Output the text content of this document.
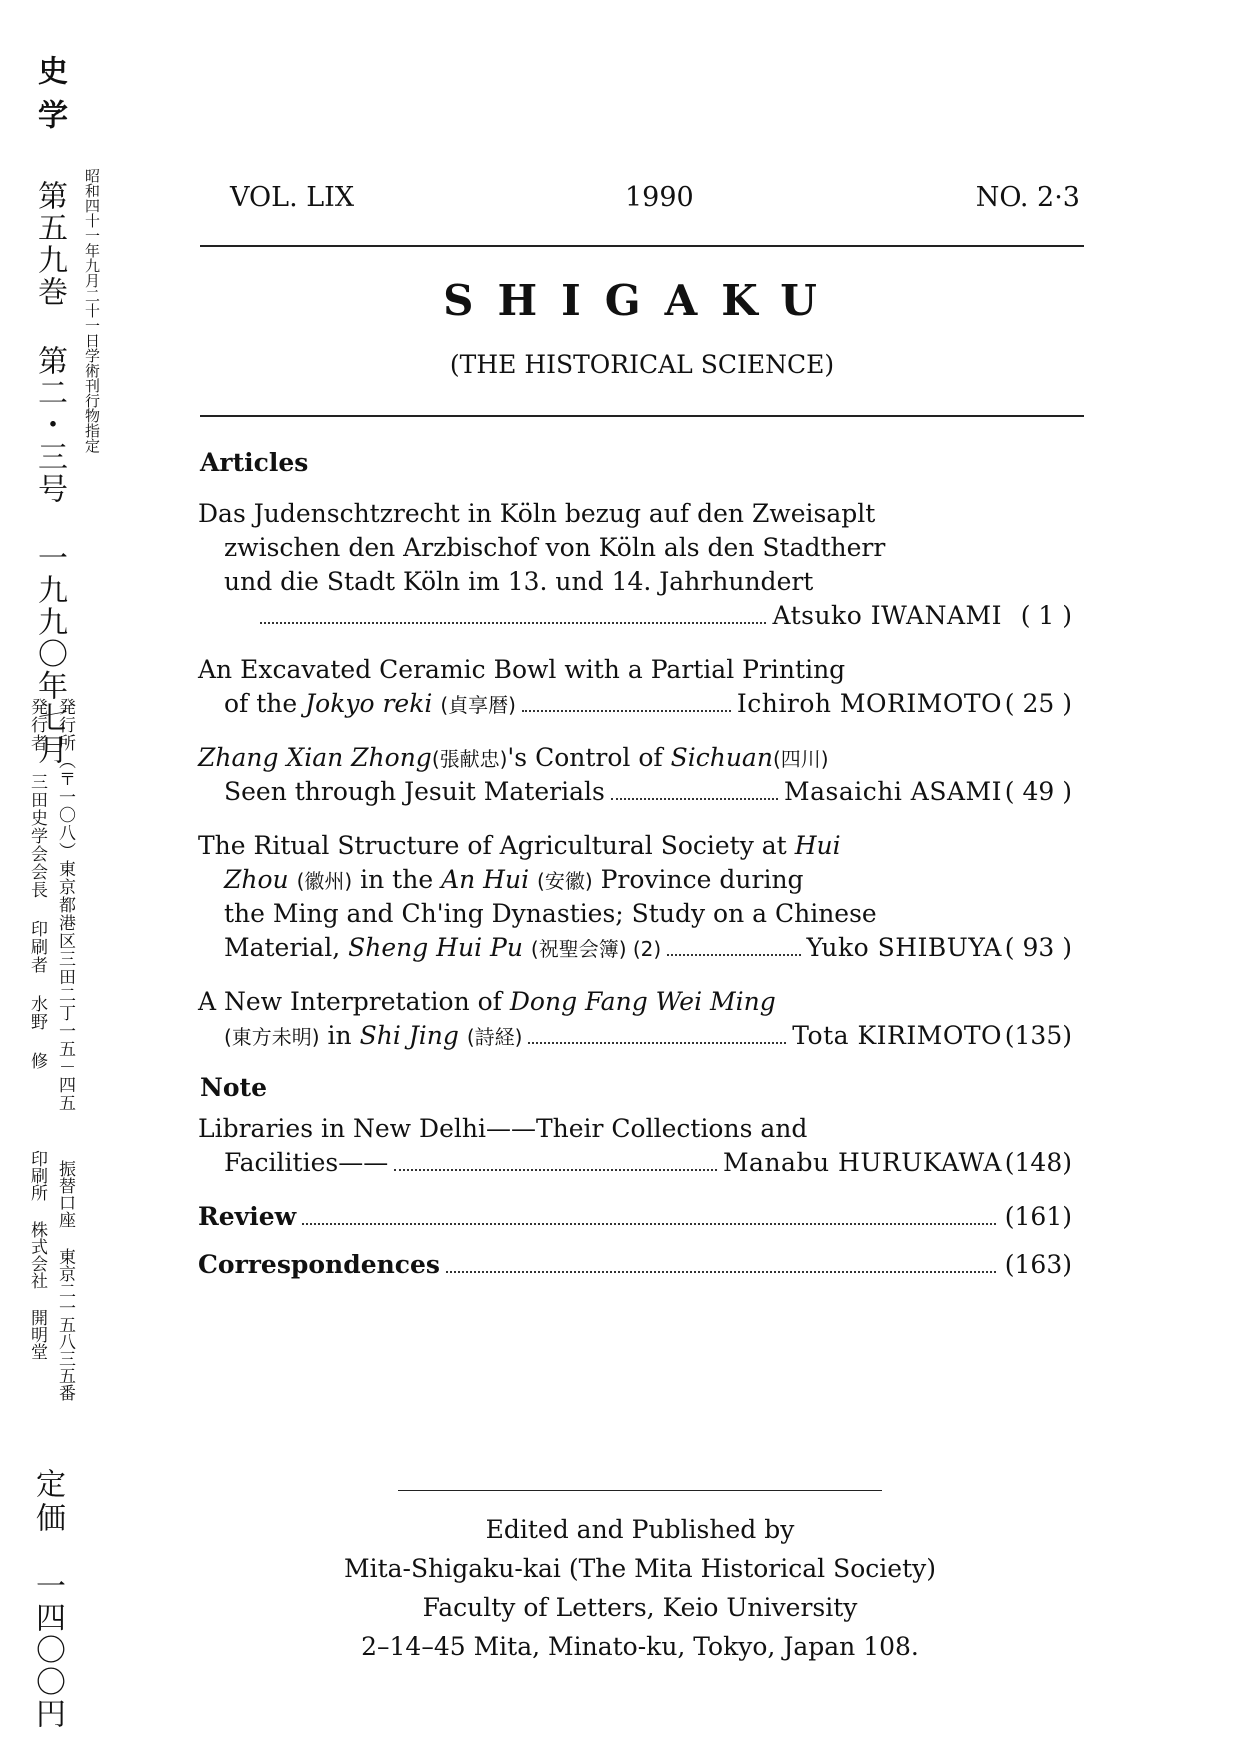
史学
第五九巻 第二・三号 一九九〇年七月 昭和四十一年九月二十一日学術刊行物指定
発行所（〒一〇八）東京都港区三田二丁一五－四五
発行者 三田史学会会長 印刷者 水野 修
振替口座 東京二一五八三五番
印刷所 株式会社 開明堂
定価
一四〇〇円
VOL. LIX	1990	NO. 2·3
SHIGAKU
(THE HISTORICAL SCIENCE)
Articles
Das Judenschtzrecht in Köln bezug auf den Zweisaplt
zwischen den Arzbischof von Köln als den Stadtherr
und die Stadt Köln im 13. und 14. Jahrhundert
Atsuko IWANAMI ( 1 )
An Excavated Ceramic Bowl with a Partial Printing
of the Jokyo reki
(貞享暦)	Ichiroh MORIMOTO ( 25 )
Zhang Xian Zhong(張献忠)'s Control of Sichuan(四川)
Seen through Jesuit Materials	Masaichi ASAMI ( 49 )
The Ritual Structure of Agricultural Society at Hui
Zhou (徽州) in the An Hui (安徽) Province during
the Ming and Ch'ing Dynasties; Study on a Chinese
Material, Sheng Hui Pu
(祝聖会簿) (2)	Yuko SHIBUYA ( 93 )
A New Interpretation of Dong Fang Wei Ming
(東方未明) in Shi Jing
(詩経)	Tota KIRIMOTO (135)
Note
Libraries in New Delhi——Their Collections and
Facilities——	Manabu HURUKAWA (148)
Review	(161)
Correspondences	(163)
Edited and Published by
Mita-Shigaku-kai (The Mita Historical Society)
Faculty of Letters, Keio University
2–14–45 Mita, Minato-ku, Tokyo, Japan 108.
